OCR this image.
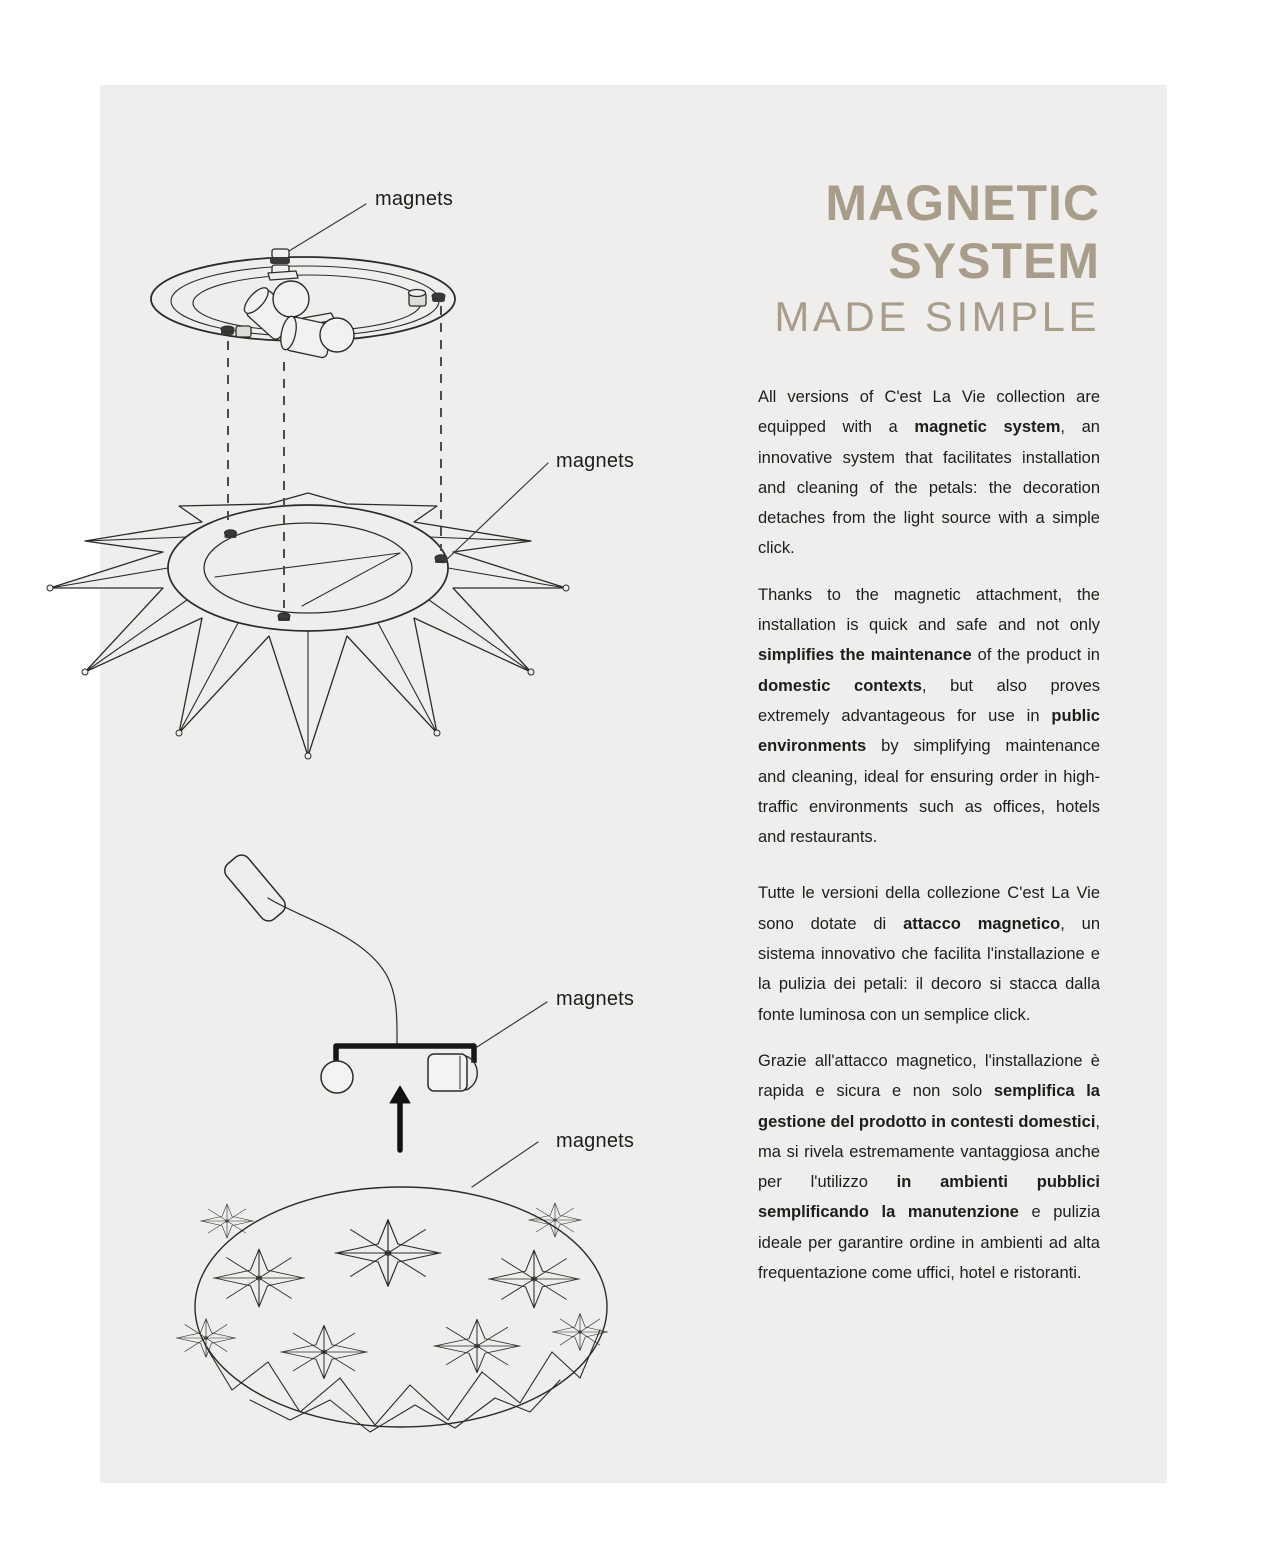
magnets
magnets
magnets
magnets
MAGNETIC
SYSTEM
MADE SIMPLE

All versions of C'est La Vie collection are equipped with a magnetic system, an innovative system that facilitates installation and cleaning of the petals: the decoration detaches from the light source with a simple click.

Thanks to the magnetic attachment, the installation is quick and safe and not only simplifies the maintenance of the product in domestic contexts, but also proves extremely advantageous for use in public environments by simplifying maintenance and cleaning, ideal for ensuring order in high-traffic environments such as offices, hotels and restaurants.

Tutte le versioni della collezione C'est La Vie sono dotate di attacco magnetico, un sistema innovativo che facilita l'installazione e la pulizia dei petali: il decoro si stacca dalla fonte luminosa con un semplice click.

Grazie all'attacco magnetico, l'installazione è rapida e sicura e non solo semplifica la gestione del prodotto in contesti domestici, ma si rivela estremamente vantaggiosa anche per l'utilizzo in ambienti pubblici semplificando la manutenzione e pulizia ideale per garantire ordine in ambienti ad alta frequentazione come uffici, hotel e ristoranti.
